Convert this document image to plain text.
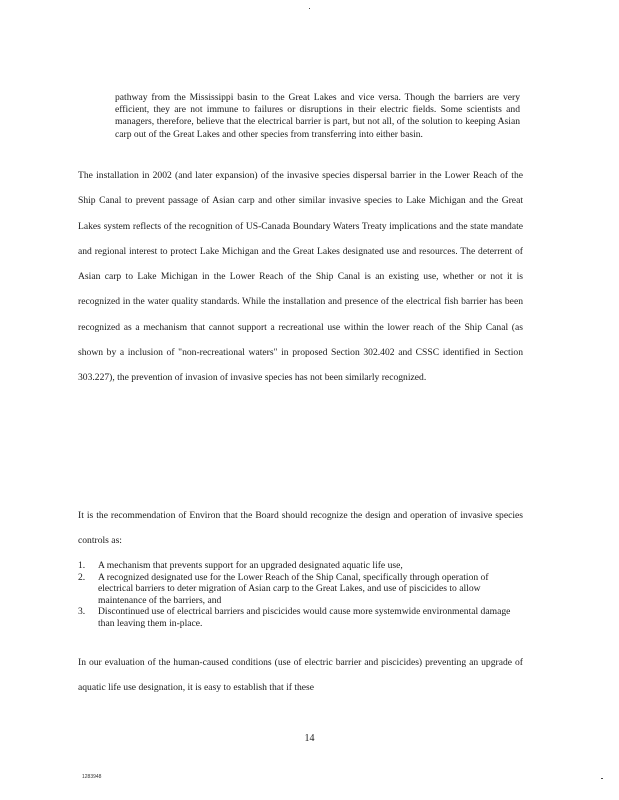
pathway from the Mississippi basin to the Great Lakes and vice versa. Though the barriers are very efficient, they are not immune to failures or disruptions in their electric fields. Some scientists and managers, therefore, believe that the electrical barrier is part, but not all, of the solution to keeping Asian carp out of the Great Lakes and other species from transferring into either basin.
The installation in 2002 (and later expansion) of the invasive species dispersal barrier in the Lower Reach of the Ship Canal to prevent passage of Asian carp and other similar invasive species to Lake Michigan and the Great Lakes system reflects of the recognition of US-Canada Boundary Waters Treaty implications and the state mandate and regional interest to protect Lake Michigan and the Great Lakes designated use and resources. The deterrent of Asian carp to Lake Michigan in the Lower Reach of the Ship Canal is an existing use, whether or not it is recognized in the water quality standards. While the installation and presence of the electrical fish barrier has been recognized as a mechanism that cannot support a recreational use within the lower reach of the Ship Canal (as shown by a inclusion of "non-recreational waters" in proposed Section 302.402 and CSSC identified in Section 303.227), the prevention of invasion of invasive species has not been similarly recognized.
It is the recommendation of Environ that the Board should recognize the design and operation of invasive species controls as:
1. A mechanism that prevents support for an upgraded designated aquatic life use,
2. A recognized designated use for the Lower Reach of the Ship Canal, specifically through operation of electrical barriers to deter migration of Asian carp to the Great Lakes, and use of piscicides to allow maintenance of the barriers, and
3. Discontinued use of electrical barriers and piscicides would cause more systemwide environmental damage than leaving them in-place.
In our evaluation of the human-caused conditions (use of electric barrier and piscicides) preventing an upgrade of aquatic life use designation, it is easy to establish that if these
14
1283948
